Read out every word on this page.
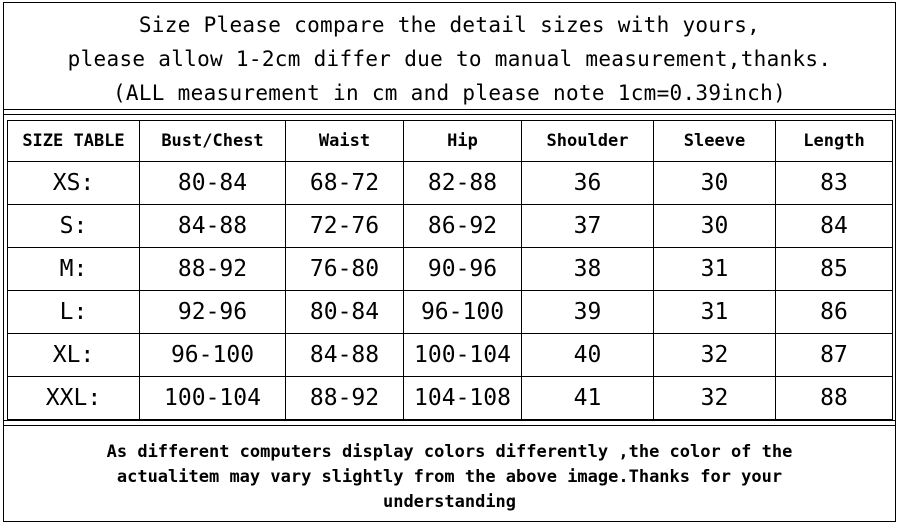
Size Please compare the detail sizes with yours,
please allow 1-2cm differ due to manual measurement,thanks.
(ALL measurement in cm and please note 1cm=0.39inch)
SIZE TABLE	Bust/Chest	Waist	Hip	Shoulder	Sleeve	Length
XS:	80-84	68-72	82-88	36	30	83
S:	84-88	72-76	86-92	37	30	84
M:	88-92	76-80	90-96	38	31	85
L:	92-96	80-84	96-100	39	31	86
XL:	96-100	84-88	100-104	40	32	87
XXL:	100-104	88-92	104-108	41	32	88
As different computers display colors differently ,the color of the
actualitem may vary slightly from the above image.Thanks for your
understanding
